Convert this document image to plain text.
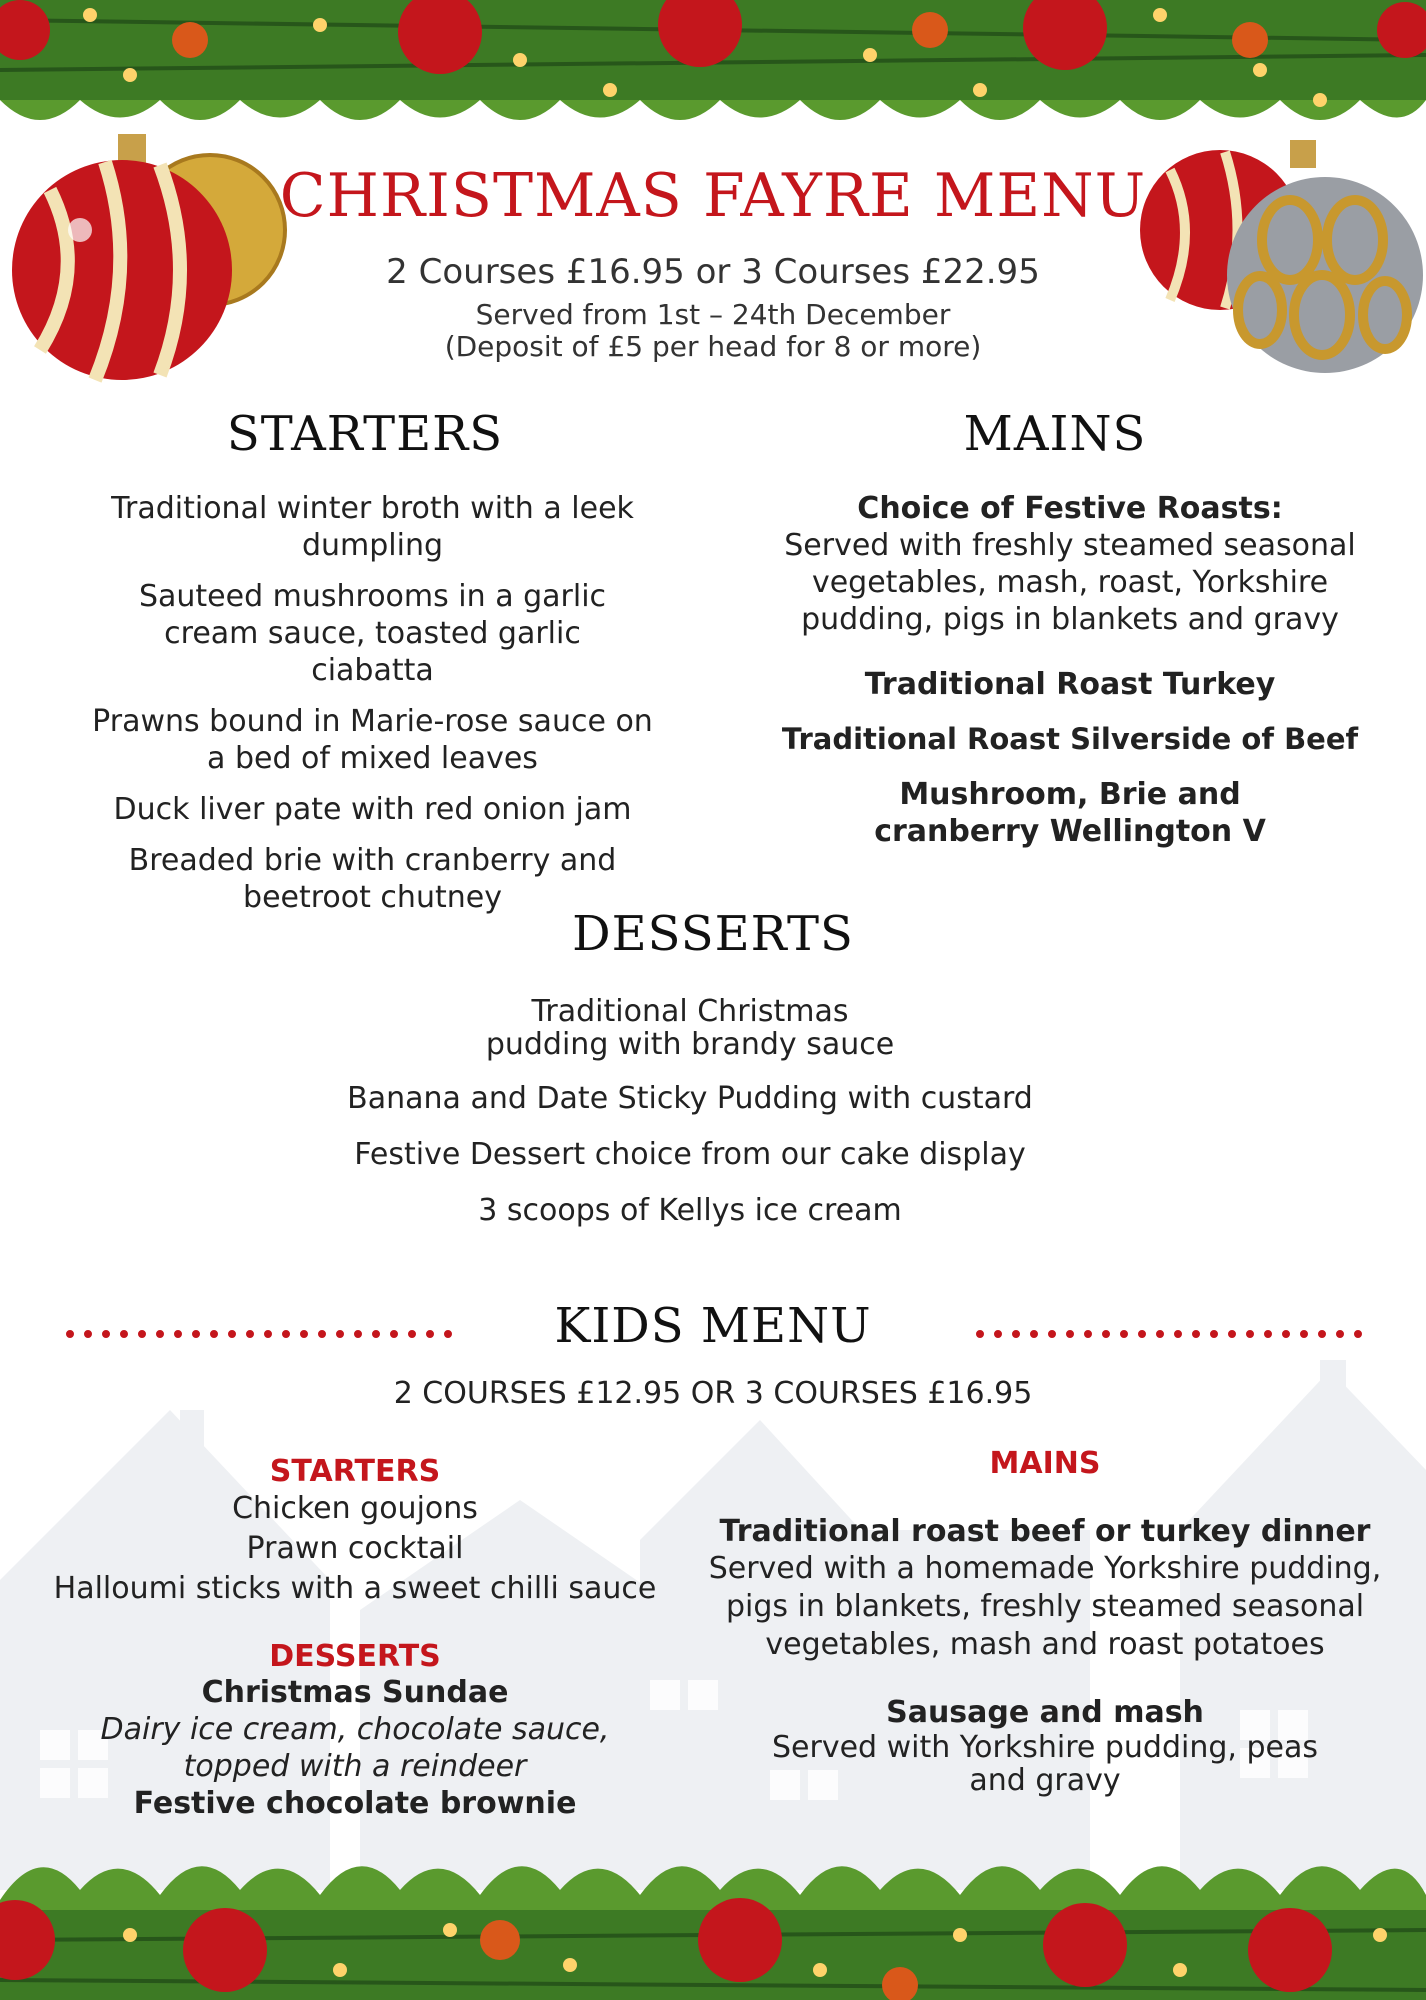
CHRISTMAS FAYRE MENU
2 Courses £16.95 or 3 Courses £22.95
Served from 1st – 24th December
(Deposit of £5 per head for 8 or more)
STARTERS
Traditional winter broth with a leek dumpling
Sauteed mushrooms in a garlic cream sauce, toasted garlic ciabatta
Prawns bound in Marie-rose sauce on a bed of mixed leaves
Duck liver pate with red onion jam
Breaded brie with cranberry and beetroot chutney
MAINS
Choice of Festive Roasts:
Served with freshly steamed seasonal vegetables, mash, roast, Yorkshire pudding, pigs in blankets and gravy
Traditional Roast Turkey
Traditional Roast Silverside of Beef
Mushroom, Brie and cranberry Wellington V
DESSERTS
Traditional Christmas pudding with brandy sauce
Banana and Date Sticky Pudding with custard
Festive Dessert choice from our cake display
3 scoops of Kellys ice cream
KIDS MENU
2 COURSES £12.95 OR 3 COURSES £16.95
STARTERS
Chicken goujons
Prawn cocktail
Halloumi sticks with a sweet chilli sauce
DESSERTS
Christmas Sundae
Dairy ice cream, chocolate sauce, topped with a reindeer
Festive chocolate brownie
MAINS
Traditional roast beef or turkey dinner
Served with a homemade Yorkshire pudding, pigs in blankets, freshly steamed seasonal vegetables, mash and roast potatoes
Sausage and mash
Served with Yorkshire pudding, peas and gravy
